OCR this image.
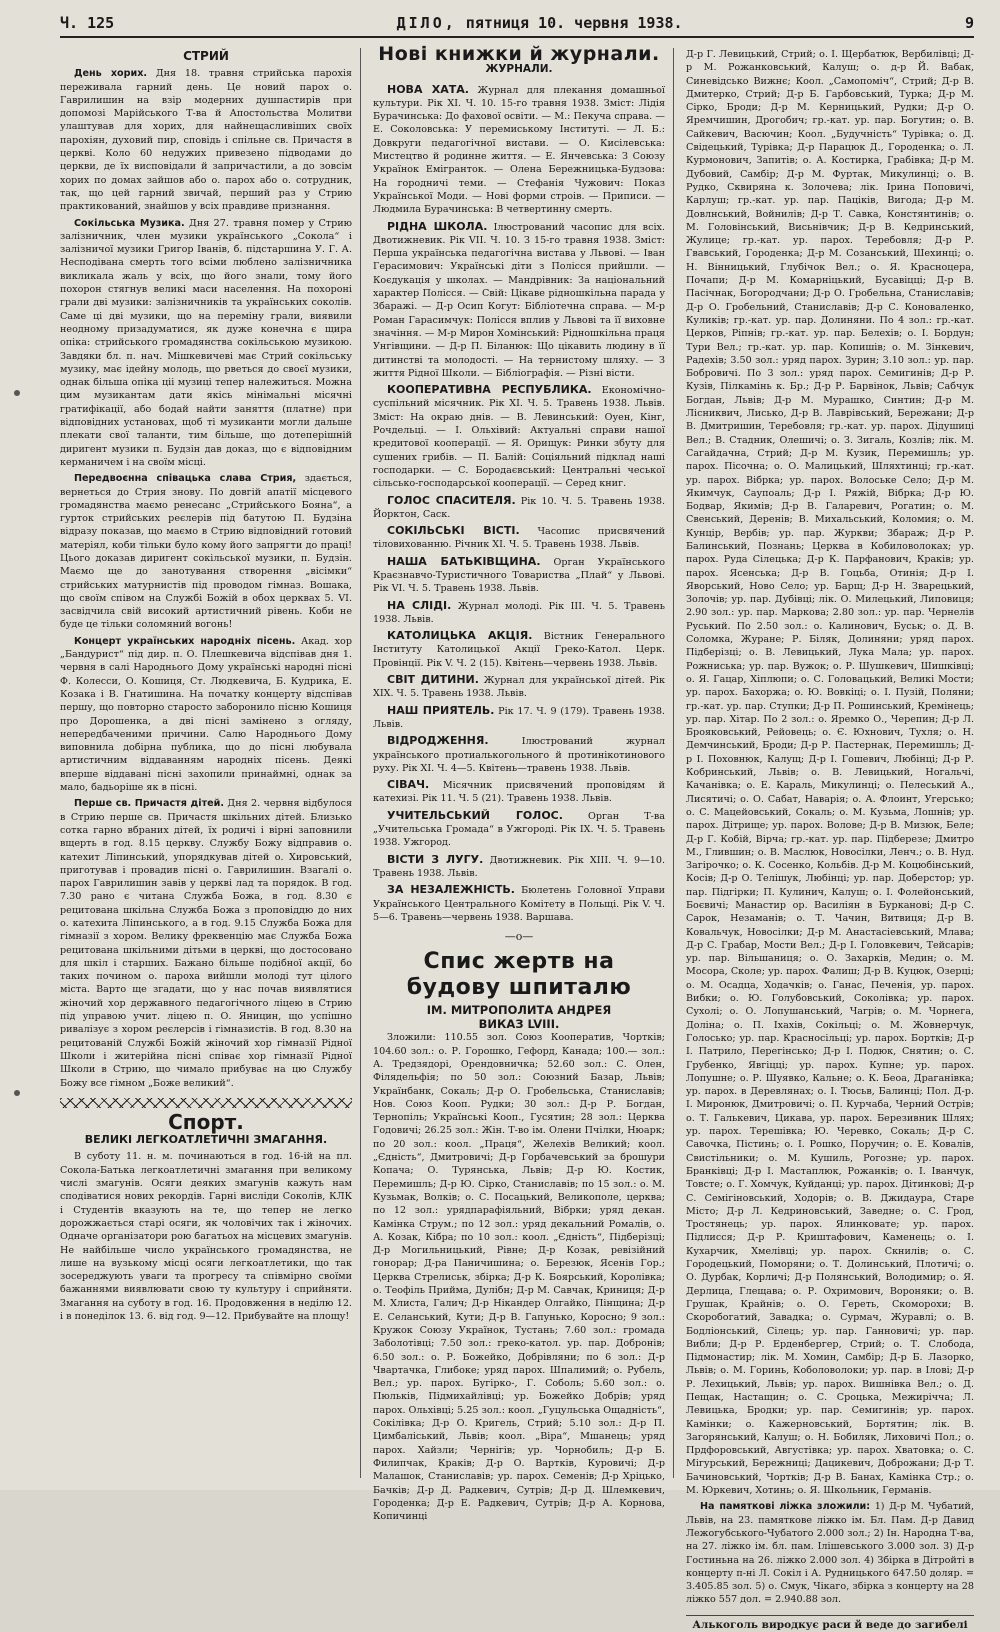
Ч. 125	ДІЛО, пятниця 10. червня 1938.	9
СТРИЙ

День хорих. Дня 18. травня стрийська парохія переживала гарний день. Це новий парох о. Гаврилишин на взір модерних душпастирів при допомозі Марійського Т-ва й Апостольства Молитви улаштував для хорих, для найнещасливіших своїх парохіян, духовий пир, сповідь і спільне св. Причастя в церкві. Коло 60 недужих привезено підводами до церкви, де їх висповідали й запричастили, а до зовсім хорих по домах зайшов або о. парох або о. сотрудник, так, що цей гарний звичай, перший раз у Стрию практикований, знайшов у всіх правдиве признання.

Сокільська Музика. Дня 27. травня помер у Стрию залізничник, член музики українського „Сокола“ і залізничої музики Григор Іванів, б. підстаршина У. Г. А. Несподівана смерть того всіми люблено залізничника викликала жаль у всіх, що його знали, тому його похорон стягнув великі маси населення. На похороні грали дві музики: залізничників та українських соколів. Саме ці дві музики, що на переміну грали, виявили неодному призадуматися, як дуже конечна є щира опіка: стрийського громадянства сокільською музикою. Завдяки бл. п. нач. Мішкевичеві має Стрий сокільську музику, має ідейну молодь, що рветься до своєї музики, однак більша опіка ціі музиці тепер належиться. Можна цим музикантам дати якісь мінімальні місячні гратифікації, або бодай найти заняття (платне) при відповідних установах, щоб ті музиканти могли дальше плекати свої таланти, тим більше, що дотеперішній диригент музики п. Будзін дав доказ, що є відповідним керманичем і на своїм місці.

Передвоєнна співацька слава Стрия, здається, вернеться до Стрия знову. По довгій апатії місцевого громадянства маємо ренесанс „Стрийського Бояна“, а гурток стрийських реєлерів під батутою П. Будзіна відразу показав, що маємо в Стрию відповідний готовий матеріял, коби тільки було кому його запрягти до праці! Цього доказав диригент сокільської музики, п. Будзін. Маємо ще до занотування створення „вісімки“ стрийських матурнистів під проводом гімназ. Вошака, що своїм співом на Службі Божій в обох церквах 5. VI. засвідчила свій високий артистичний рівень. Коби не буде це тільки соломяний вогонь!

Концерт українських народніх пісень. Акад. хор „Бандурист“ під дир. п. О. Плешкевича відспівав дня 1. червня в салі Народнього Дому українські народні пісні Ф. Колесси, О. Кошиця, Ст. Людкевича, Б. Кудрика, Е. Козака і В. Гнатишина. На початку концерту відспівав першу, що повторно старосто заборонило пісню Кошиця про Дорошенка, а дві пісні замінено з огляду, непередбаченими причини. Салю Народнього Дому виповнила добірна публика, що до пісні любувала артистичним віддаванням народніх пісень. Деякі вперше віддавані пісні захопили принаймні, однак за мало, бадьоріше як в пісні.

Перше св. Причастя дітей. Дня 2. червня відбулося в Стрию перше св. Причастя шкільних дітей. Близько сотка гарно вбраних дітей, їх родичі і вірні заповнили вщерть в год. 8.15 церкву. Службу Божу відправив о. катехит Ліпинський, упорядкував дітей о. Хировський, приготував і провадив пісні о. Гаврилишин. Взагалі о. парох Гаврилишин завів у церкві лад та порядок. В год. 7.30 рано є читана Служба Божа, в год. 8.30 є рецитована шкільна Служба Божа з проповіддю до них о. катехита Ліпинського, а в год. 9.15 Служба Божа для гімназії з хором. Велику фреквенцію має Служба Божа рецитована шкільними дітьми в церкві, що достосовано для шкіл і старших. Бажано більше подібної акції, бо таких почином о. пароха вийшли молоді тут цілого міста. Варто ще згадати, що у нас почав виявлятися жіночий хор державного педагогічного ліцею в Стрию під управою учит. ліцею п. О. Яницин, що успішно ривалізує з хором реєлерсів і гімназистів. В год. 8.30 на рецитованій Службі Божій жіночий хор гімназії Рідної Школи і житерійна пісні співає хор гімназії Рідної Школи в Стрию, що чимало прибуває на цю Службу Божу все гімном „Боже великий“.

Спорт.
ВЕЛИКІ ЛЕГКОАТЛЕТИЧНІ ЗМАГАННЯ.

В суботу 11. н. м. починаються в год. 16-ій на пл. Сокола-Батька легкоатлетичні змагання при великому числі змагунів. Осяги деяких змагунів кажуть нам сподіватися нових рекордів. Гарні висліди Соколів, КЛК і Студентів вказують на те, що тепер не легко дорожжається старі осяги, як чоловічих так і жіночих. Одначе організатори рою багатьох на місцевих змагунів. Не найбільше число українського громадянства, не лише на вузькому місці осяги легкоатлетики, що так зосереджують уваги та прогресу та співмірно своїми бажаннями виявлювати свою ту культуру і сприйняти. Змагання на суботу в год. 16. Продовження в неділю 12. і в понеділок 13. 6. від год. 9—12. Прибувайте на площу!

Нові книжки й журнали.
ЖУРНАЛИ.

НОВА ХАТА. Журнал для плекання домашньої культури. Рік XI. Ч. 10. 15-го травня 1938. Зміст: Лідія Бурачинська: До фахової освіти. — М.: Пекуча справа. — Е. Соколовська: У перемиському Інституті. — Л. Б.: Довкруги педагогічної вистави. — О. Кисілевська: Мистецтво й родинне життя. — Е. Янчевська: З Союзу Українок Емігранток. — Олена Бережницька-Будзова: На городничі теми. — Стефанія Чужович: Показ Української Моди. — Нові форми строів. — Приписи. — Людмила Бурачинська: В четвертинну смерть.

РІДНА ШКОЛА. Ілюстрований часопис для всіх. Двотижневик. Рік VII. Ч. 10. З 15-го травня 1938. Зміст: Перша українська педагогічна вистава у Львові. — Іван Герасимович: Українські діти з Полісся прийшли. — Коєдукація у школах. — Мандрівник: За національний характер Полісся. — Свій: Цікаве рідношкільна парада у Збаражі. — Д-р Осип Когут: Бібліотечна справа. — М-р Роман Гарасимчук: Полісся вплив у Львові та її виховне значіння. — М-р Мирон Хомінський: Рідношкільна праця Унгівщини. — Д-р П. Біланюк: Що цікавить людину в її дитинстві та молодості. — На терниcтому шляху. — З життя Рідної Школи. — Бібліографія. — Різні вісти.

КООПЕРАТИВНА РЕСПУБЛИКА. Економічно-суспільний місячник. Рік XI. Ч. 5. Травень 1938. Львів. Зміст: На окраю днів. — В. Левинський: Оуен, Кінг, Рочдельці. — І. Ольхівий: Актуальні справи нашої кредитової кооперації. — Я. Орищук: Ринки збуту для сушених грибів. — П. Балій: Соціяльний підклад наші господарки. — С. Бородаєвський: Центральні чеської сільсько-господарської кооперації. — Серед книг.

ГОЛОС СПАСИТЕЛЯ. Рік 10. Ч. 5. Травень 1938. Йорктон, Саск.

СОКІЛЬСЬКІ ВІСТІ. Часопис присвячений тіловихованню. Річник XI. Ч. 5. Травень 1938. Львів.

НАША БАТЬКІВЩИНА. Орган Українського Краєзнавчо-Туристичного Товариства „Плай“ у Львові. Рік VI. Ч. 5. Травень 1938. Львів.

НА СЛІДІ. Журнал молоді. Рік III. Ч. 5. Травень 1938. Львів.

КАТОЛИЦЬКА АКЦІЯ. Вістник Генерального Інституту Католицької Акції Греко-Катол. Церк. Провінції. Рік V. Ч. 2 (15). Квітень—червень 1938. Львів.

СВІТ ДИТИНИ. Журнал для української дітей. Рік XIX. Ч. 5. Травень 1938. Львів.

НАШ ПРИЯТЕЛЬ. Рік 17. Ч. 9 (179). Травень 1938. Львів.

ВІДРОДЖЕННЯ.	Ілюстрований журнал українського протиалькогольного й протинікотинового руху. Рік XI. Ч. 4—5. Квітень—травень 1938. Львів.

СІВАЧ. Місячник присвячений проповідям й катехизі. Рік 11. Ч. 5 (21). Травень 1938. Львів.

УЧИТЕЛЬСЬКИЙ ГОЛОС.	Орган Т-ва „Учительська Громада“ в Ужгороді. Рік IX. Ч. 5. Травень 1938. Ужгород.

ВІСТИ З ЛУГУ. Двотижневик. Рік XIII. Ч. 9—10. Травень 1938. Львів.

ЗА НЕЗАЛЕЖНІСТЬ. Бюлетень Головної Управи Українського Центрального Комітету в Польщі. Рік V. Ч. 5—6. Травень—червень 1938. Варшава.

—o—
Спис жертв на будову шпиталю
ІМ. МИТРОПОЛИТА АНДРЕЯ
ВИКАЗ LVIII.

Зложили: 110.55 зол. Союз Кооператив, Чортків; 104.60 зол.: о. Р. Горошко, Гефорд, Канада; 100.— зол.: А. Тредзядорі, Орендовничка; 52.60 зол.: С. Олен, Філядельфія; по 50 зол.: Союзний Базар, Львів; Українбанк, Сокаль; Д-р О. Гробельська, Станиславів; Нов. Союз Кооп. Рудки; 30 зол.: Д-р Р. Богдан, Тернопіль; Українські Кооп., Гусятин; 28 зол.: Церква Годовичі; 26.25 зол.: Жін. Т-во ім. Олени Пчілки, Нюарк; по 20 зол.: коол. „Праця“, Желехів Великий; коол. „Єдність“, Дмитровичі; Д-р Горбачевський за брошури Копача; О. Турянська, Львів; Д-р Ю. Костик, Перемишль; Д-р Ю. Сірко, Станиславів; по 15 зол.: о. М. Кузьмак, Волків; о. С. Посацький, Великополе, церква; по 12 зол.: урядпарафіяльний, Вібрки; уряд декан. Камінка Струм.; по 12 зол.: уряд декальний Ромалів, о. А. Козак, Кібра; по 10 зол.: коол. „Єдність“, Підберізці; Д-р Могильницький, Рівне; Д-р Козак, ревізійний гонорар; Д-ра Паничишина; о. Березюк, Ясенів Гор.; Церква Стрелиськ, збірка; Д-р К. Боярський, Королівка; о. Теофіль Приймa, Дулібн; Д-р М. Савчак, Криниця; Д-р М. Хлиста, Галич; Д-р Нікандер Олгайко, Пінщина; Д-р Е. Селанський, Кути; Д-р В. Гапунько, Коросно; 9 зол.: Кружок Союзу Українок, Тустань; 7.60 зол.: громада Заболотівці; 7.50 зол.: греко-катол. ур. пар. Добронів; 6.50 зол.: о. Р. Божейко, Добрівляни; по 6 зол.: Д-р Чвартачка, Глибоке; уряд парох. Шпалимий; о. Рубель, Вел.; ур. парох. Бугірко-, Г. Соболь; 5.60 зол.: о. Пюльків, Підмихайлівці; ур. Божейко Добрів; уряд парох. Ольхівці; 5.25 зол.: коол. „Гуцульська Ощадність“, Сокілівка; Д-р О. Кригель, Стрий; 5.10 зол.: Д-р П. Цимбаліський, Львів; коол. „Віра“, Мшанець; уряд парох. Хайзли; Чернігів; ур. Чорнобиль; Д-р Б. Филипчак, Краків; Д-р О. Вартків, Куровичі; Д-р Малашок, Станиславів; ур. парох. Семенів; Д-р Хріцько, Бачків; Д-р Д. Радкевич, Сутрів; Д-р Д. Шлемкевич, Городенка; Д-р Е. Радкевич, Сутрів; Д-р А. Корнова, Копичинці

Д-р Г. Левицький, Стрий; о. І. Щербатюк, Вербилівці; Д-р М. Рожанковський, Калуш; о. д-р Й. Вабак, Синевідсько Вижнє; Коол. „Самопоміч“, Стрий; Д-р В. Дмитерко, Стрий; Д-р Б. Гарбовський, Турка; Д-р М. Сірко, Броди; Д-р М. Керницький, Рудки; Д-р О. Яремчишин, Дрогобич; гр.-кат. ур. пар. Богутин; о. В. Сайкевич, Васючин; Коол. „Будучність“ Турівка; о. Д. Свідецький, Турівка; Д-р Парацюк Д., Городенка; о. Л. Курмонович, Запитів; о. А. Костирка, Грабівка; Д-р М. Дубовий, Самбір; Д-р М. Фуртак, Микулинці; о. В. Рудко, Сквиряна к. Золочева; лік. Ірина Поповичі, Карлуш; гр.-кат. ур. пар. Паціків, Вигода; Д-р М. Довлнський, Войнилів; Д-р Т. Савка, Констянтинів; о. М. Головінський, Висьнівчик; Д-р В. Кедринський, Жулице; гр.-кат. ур. парох. Теребовля; Д-р Р. Гвавський, Городенка; Д-р М. Созанський, Шехинці; о. Н. Вінницький, Глубічок Вел.; о. Я. Красноцера, Почапи; Д-р М. Комарніцький, Бусавіцці; Д-р В. Пасічнак, Богородчани; Д-р О. Гробельна, Станиславів; Д-р О. Гробельний, Станиславів; Д-р С. Коноваленко, Куликів; гр.-кат. ур. пар. Долиняни. По 4 зол.: гр.-кат. Церков, Ріпнів; гр.-кат. ур. пар. Белехів; о. І. Бордун; Тури Вел.; гр.-кат. ур. пар. Копишів; о. М. Зінкевич, Радехів; 3.50 зол.: уряд парох. Зурин; 3.10 зол.: ур. пар. Бобровичі. По 3 зол.: уряд парох. Семигинів; Д-р Р. Кузів, Пілкамінь к. Бр.; Д-р Р. Барвінок, Львів; Сабчук Богдан, Львів; Д-р М. Мурашко, Синтин; Д-р М. Лісниквич, Лисько, Д-р В. Лаврівський, Бережани; Д-р В. Дмитришин, Теребовля; гр.-кат. ур. парох. Дідушиці Вел.; В. Стадник, Олешичі; о. З. Зигаль, Козлів; лік. М. Сагайдачна, Стрий; Д-р М. Кузик, Перемишль; ур. парох. Пісочна; о. О. Малицький, Шляхтинці; гр.-кат. ур. парох. Вібрка; ур. парох. Волоське Село; Д-р М. Якимчук, Саупоаль; Д-р І. Ряжій, Вібрка; Д-р Ю. Бодвар, Якимів; Д-р В. Галаревич, Рогатин; о. М. Свенський, Деренів; В. Михальський, Коломия; о. М. Кунцір, Вербів; ур. пар. Журкви; Збараж; Д-р Р. Балинський, Познань; Церква в Кобиловолоках; ур. парох. Руда Сілецька; Д-р К. Парфанович, Краків; ур. парох. Ясенська; Д-р В. Гоцьба, Отинія; Д-р І. Яворський, Ново Село; ур. Барщ; Д-р Н. Зварецький, Золочів; ур. пар. Дубівці; лік. О. Милецький, Липовиця; 2.90 зол.: ур. пар. Маркова; 2.80 зол.: ур. пар. Чернелів Руський. По 2.50 зол.: о. Калинович, Буськ; о. Д. В. Соломка, Журане; Р. Біляк, Долиняни; уряд парох. Підберізці; о. В. Левицький, Лука Мала; ур. парох. Рожниська; ур. пар. Вужок; о. Р. Шушкевич, Шишківці; о. Я. Гацар, Хіплюпи; о. С. Головацький, Великі Мости; ур. парох. Бахоржа; о. Ю. Вовкіці; о. І. Пузій, Поляни; гр.-кат. ур. пар. Ступки; Д-р П. Рошинський, Кремінець; ур. пар. Хітар. По 2 зол.: о. Яремко О., Черепин; Д-р Л. Брояковський, Рейовець; о. Є. Юхнович, Тухля; о. Н. Демчинський, Броди; Д-р Р. Пастернак, Перемишль; Д-р І. Поховнюк, Калущ; Д-р І. Гошевич, Любінці; Д-р Р. Кобринський, Львів; о. В. Левицький, Ногальчі, Качанівка; о. Е. Караль, Микулинці; о. Пелеський А., Лисятичі; о. О. Сабат, Наварія; о. А. Флоинт, Угерсько; о. С. Мацейовський, Сокаль; о. М. Кузьма, Лошнів; ур. парох. Дітрище; ур. парох. Волове; Д-р В. Мизюк, Беле; Д-р Г. Кобій, Вірча; гр.-кат. ур. пар. Підберезе; Дмитро М., Глившин; о. В. Маслюк, Новосілки, Ленч.; о. В. Нуд. Загірочко; о. К. Сосенко, Кольбів. Д-р М. Коцюбінський, Косів; Д-р О. Телішук, Любінці; ур. пар. Доберстор; ур. пар. Підгірки; П. Кулинич, Калуш; о. І. Фолейонський, Боєвичі; Манастир ор. Василіян в Бурканові; Д-р С. Сарок, Незаманів; о. Т. Чачин, Витвиця; Д-р В. Ковальчук, Новосілки; Д-р М. Анастасіевський, Млава; Д-р С. Грабар, Мости Вел.; Д-р І. Головкевич, Тейсарів; ур. пар. Вільшаниця; о. О. Захарків, Медин; о. М. Мосора, Сколе; ур. парох. Фалиш; Д-р В. Куцюк, Озерці; о. М. Осадца, Ходачків; о. Ганас, Печенія, ур. парох. Вибки; о. Ю. Голубовський, Соколівка; ур. парох. Сухолі; о. О. Лопушанський, Чагрів; о. М. Чорнега, Доліна; о. П. Іхахів, Сокільці; о. М. Жовнерчук, Голосько; ур. пар. Красносільці; ур. парох. Бортків; Д-р І. Патрило, Перегінсько; Д-р І. Подюк, Снятин; о. С. Грубенко, Явгіцці; ур. парох. Купне; ур. парох. Лопушне; о. Р. Шуявко, Кальне; о. К. Беоа, Драганівка; ур. парох. в Деревлянах; о. І. Тюсьв, Балинці; Пол. Д-р. І. Миронюк, Дмитровичі; о. П. Курчаба, Черний Острів; о. Т. Галькевич, Цикава, ур. парох. Березивник Шлях; ур. парох. Терешівка; Ю. Черевко, Сокаль; Д-р С. Савочка, Пістинь; о. І. Рошко, Поручин; о. Е. Ковалів, Свистільники; о. М. Кушиль, Рогозне; ур. парох. Бранківці; Д-р І. Мастаплюк, Рожанків; о. І. Іванчук, Товсте; о. Г. Хомчук, Куйданці; ур. парох. Дітинкові; Д-р С. Семігіновський, Ходорів; о. В. Джидаура, Старе Місто; Д-р Л. Кедриновський, Заведне; о. С. Грод, Тростянець; ур. парох. Ялинковате; ур. парох. Підлисся; Д-р Р. Криштафович, Каменець; о. І. Кухарчик, Хмелівці; ур. парох. Скнилів; о. С. Городецький, Поморяни; о. Т. Долинський, Плотичі; о. О. Дурбак, Корличі; Д-р Полянський, Володимир; о. Я. Дерлица, Глещава; о. Р. Охримович, Вороняки; о. В. Грушак, Крайнів; о. О. Гереть, Скоморохи; В. Скоробогатий, Завадка; о. Сурмач, Журавлі; о. В. Бодліонський, Сілець; ур. пар. Ганновичі; ур. пар. Вибли; Д-р Р. Ерденбергер, Стрий; о. Т. Слобода, Підмонастир; лік. М. Хомин, Самбір; Д-р Б. Лазорко, Львів; о. М. Горинь, Коболоволоки; ур. пар. в Ілові; Д-р Р. Лехицький, Львів; ур. парох. Вишнівка Вел.; о. Д. Пещак, Настащин; о. С. Сроцька, Межирічча; Л. Левицька, Бродки; ур. пар. Семигинів; ур. парох. Камінки; о. Кажерновський, Бортятин; лік. В. Загорянський, Калуш; о. Н. Бобиляк, Лиховичі Пол.; о. Прдфоровський, Августівка; ур. парох. Хватовка; о. С. Мігурський, Бережниці; Дацикевич, Доброжани; Д-р Т. Бачиновський, Чортків; Д-р В. Банах, Камінка Стр.; о. М. Юркевич, Хотинь; о. Я. Школьник, Германів.

На памяткові ліжка зложили: 1) Д-р М. Чубатий, Львів, на 23. памяткове ліжко ім. Бл. Пам. Д-р Давид Лежогубського-Чубатого 2.000 зол.; 2) Ін. Народна Т-ва, на 27. ліжко ім. бл. пам. Ілішевського 3.000 зол. 3) Д-р Гостиньна на 26. ліжко 2.000 зол. 4) Збірка в Дітройті в концерту п-ні Л. Сокіл і А. Рудницького 647.50 доляр. = 3.405.85 зол. 5) о. Смук, Чікаго, збірка з концерту на 28 ліжко 557 дол. = 2.940.88 зол.

Алькоголь виродкує раси й веде до загибелі
